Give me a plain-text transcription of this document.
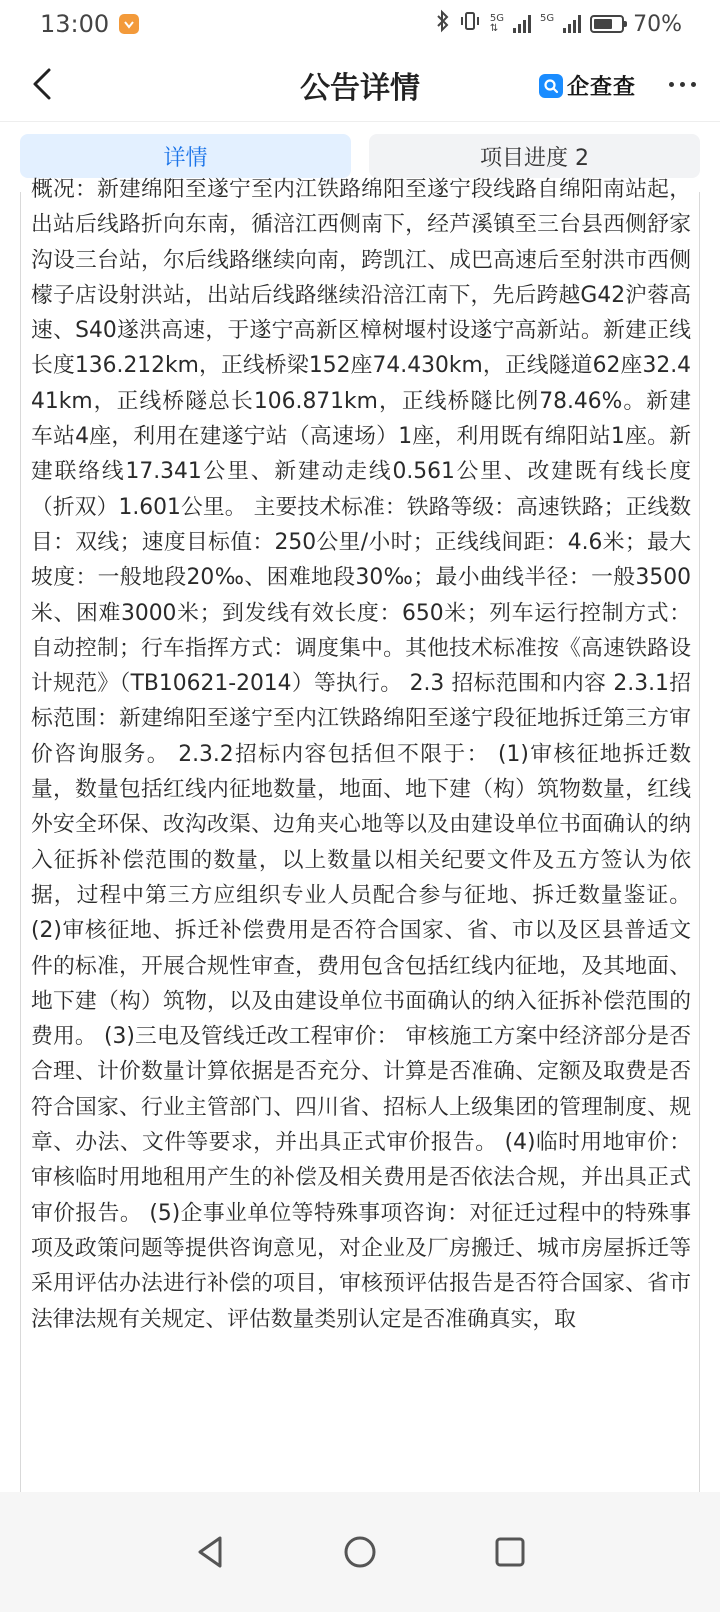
13:00	5G
⇅
5G
	70%
公告详情	企查查
详情	项目进度 2

概况：新建绵阳至遂宁至内江铁路绵阳至遂宁段线路自绵阳南站起，出站后线路折向东南，循涪江西侧南下，经芦溪镇至三台县西侧舒家沟设三台站，尔后线路继续向南，跨凯江、成巴高速后至射洪市西侧檬子店设射洪站，出站后线路继续沿涪江南下，先后跨越G42沪蓉高速、S40遂洪高速，于遂宁高新区樟树堰村设遂宁高新站。新建正线长度136.212km，正线桥梁152座74.430km，正线隧道62座32.441km，正线桥隧总长106.871km，正线桥隧比例78.46%。新建车站4座，利用在建遂宁站（高速场）1座，利用既有绵阳站1座。新建联络线17.341公里、新建动走线0.561公里、改建既有线长度（折双）1.601公里。 主要技术标准：铁路等级：高速铁路；正线数目：双线；速度目标值：250公里/小时；正线线间距：4.6米；最大坡度：一般地段20‰、困难地段30‰；最小曲线半径：一般3500米、困难3000米；到发线有效长度：650米；列车运行控制方式：自动控制；行车指挥方式：调度集中。其他技术标准按《高速铁路设计规范》（TB10621-2014）等执行。 2.3 招标范围和内容 2.3.1招标范围：新建绵阳至遂宁至内江铁路绵阳至遂宁段征地拆迁第三方审价咨询服务。 2.3.2招标内容包括但不限于： (1)审核征地拆迁数量，数量包括红线内征地数量，地面、地下建（构）筑物数量，红线外安全环保、改沟改渠、边角夹心地等以及由建设单位书面确认的纳入征拆补偿范围的数量，以上数量以相关纪要文件及五方签认为依据，过程中第三方应组织专业人员配合参与征地、拆迁数量鉴证。 (2)审核征地、拆迁补偿费用是否符合国家、省、市以及区县普适文件的标准，开展合规性审查，费用包含包括红线内征地，及其地面、地下建（构）筑物，以及由建设单位书面确认的纳入征拆补偿范围的费用。 (3)三电及管线迁改工程审价： 审核施工方案中经济部分是否合理、计价数量计算依据是否充分、计算是否准确、定额及取费是否符合国家、行业主管部门、四川省、招标人上级集团的管理制度、规章、办法、文件等要求，并出具正式审价报告。 (4)临时用地审价：审核临时用地租用产生的补偿及相关费用是否依法合规，并出具正式审价报告。 (5)企事业单位等特殊事项咨询：对征迁过程中的特殊事项及政策问题等提供咨询意见，对企业及厂房搬迁、城市房屋拆迁等采用评估办法进行补偿的项目，审核预评估报告是否符合国家、省市法律法规有关规定、评估数量类别认定是否准确真实，取
